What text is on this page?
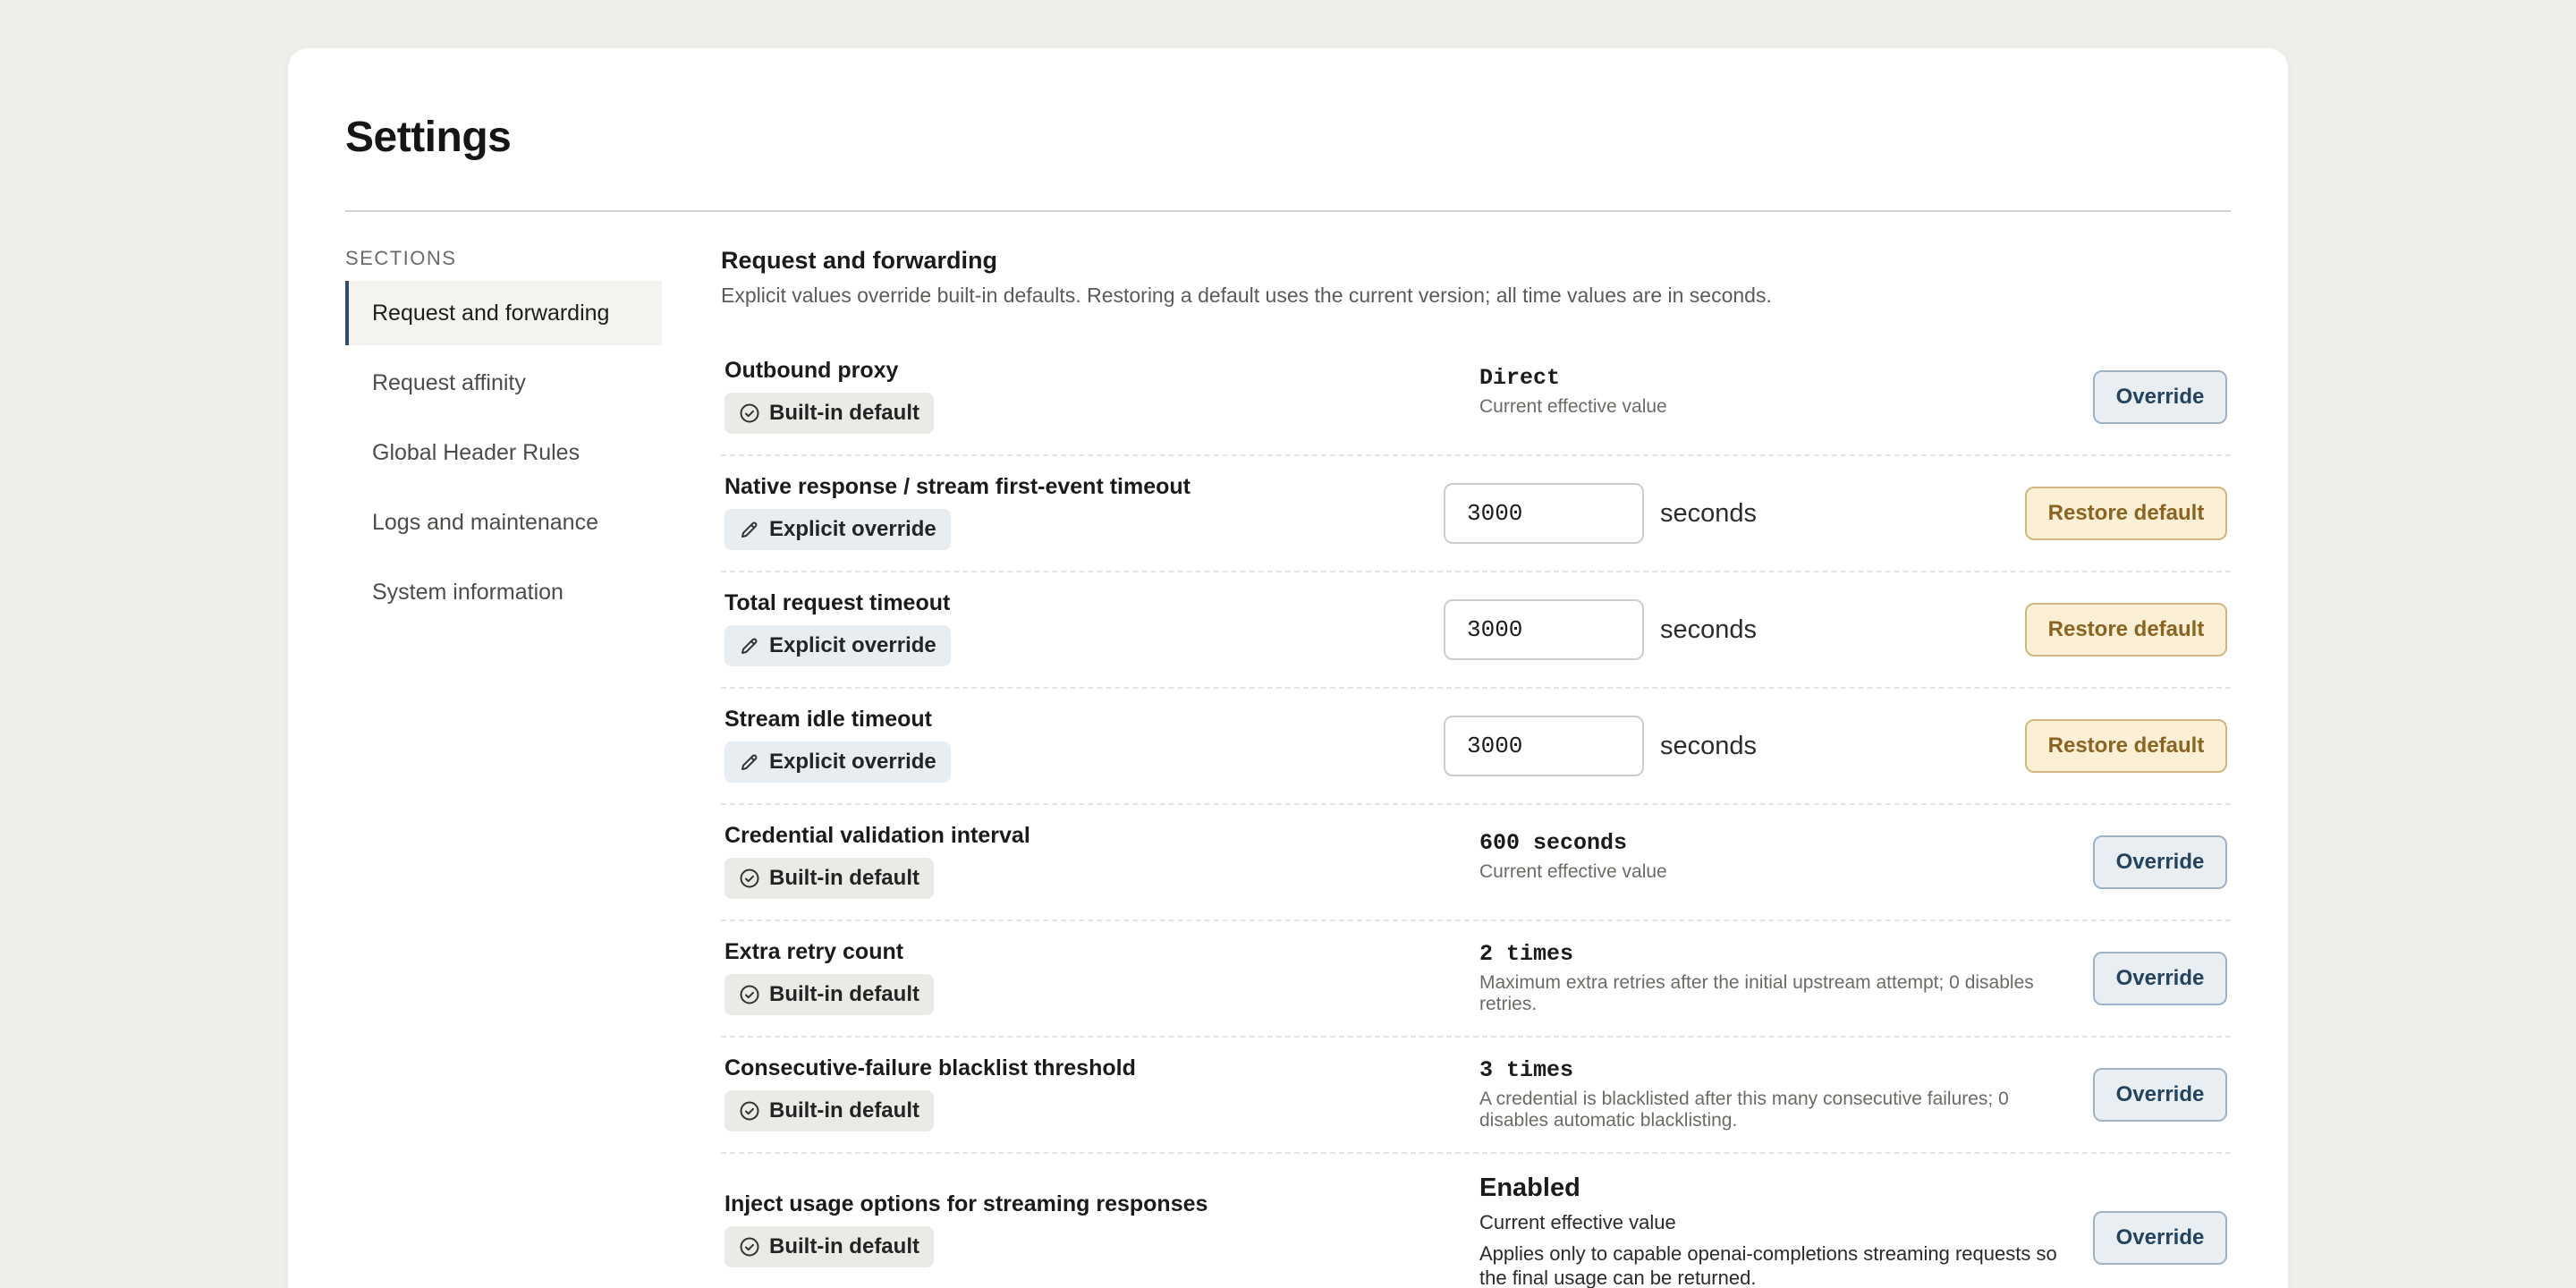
Settings
SECTIONS
Request and forwarding
Request affinity
Global Header Rules
Logs and maintenance
System information
Request and forwarding

Explicit values override built-in defaults. Restoring a default uses the current version; all time values are in seconds.

Outbound proxy
Built-in default
Direct
Current effective value	Override
Native response / stream first-event timeout
Explicit override
3000
seconds	Restore default
Total request timeout
Explicit override
3000
seconds	Restore default
Stream idle timeout
Explicit override
3000
seconds	Restore default
Credential validation interval
Built-in default
600 seconds
Current effective value	Override
Extra retry count
Built-in default
2 times
Maximum extra retries after the initial upstream attempt; 0 disables retries.
Override
Consecutive-failure blacklist threshold
Built-in default
3 times
A credential is blacklisted after this many consecutive failures; 0 disables automatic blacklisting.
Override
Inject usage options for streaming responses
Built-in default
Enabled
Current effective value
Applies only to capable openai-completions streaming requests so the final usage can be returned.
Override
